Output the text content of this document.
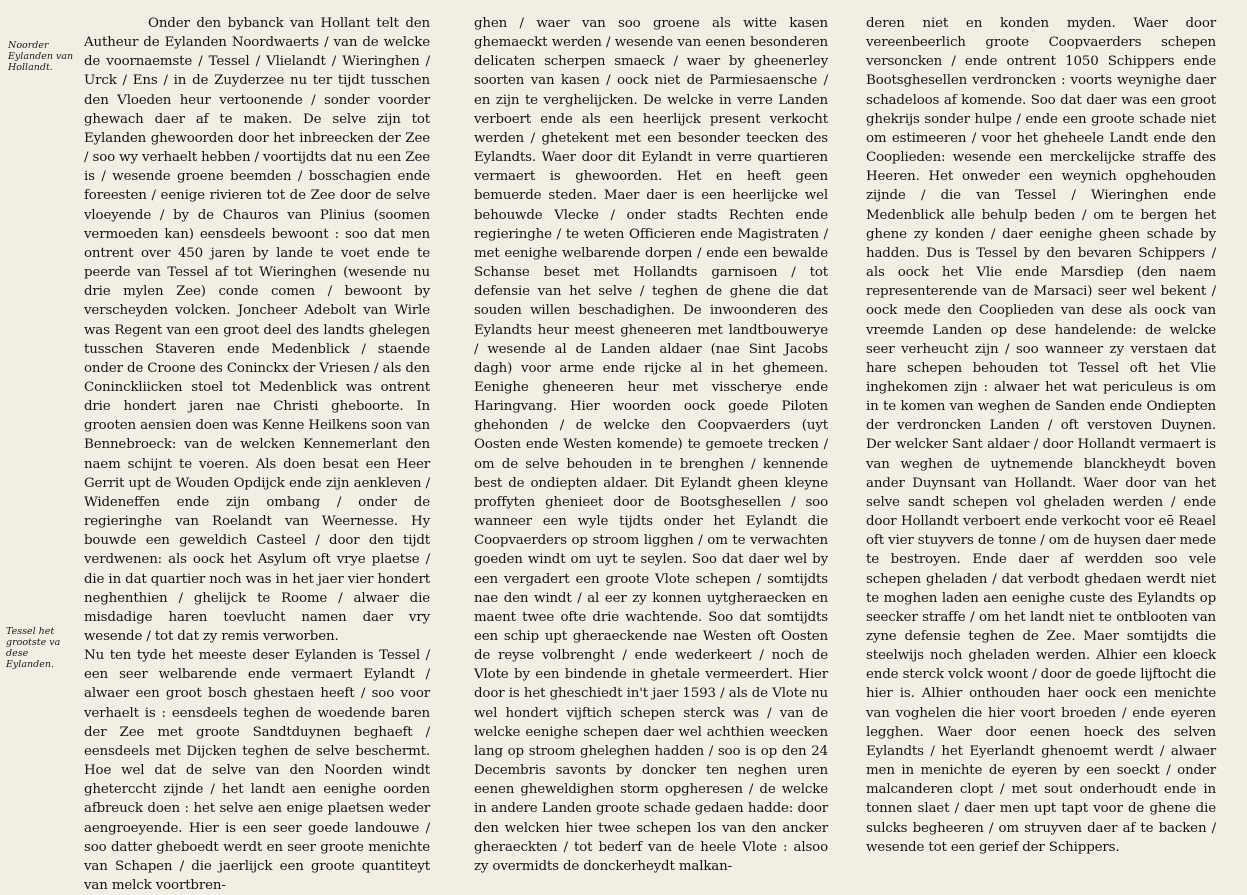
Noorder Eylanden van Hollandt.
Tessel het grootste va dese Eylanden.

Onder den bybanck van Hollant telt den Autheur de Eylanden Noordwaerts / van de welcke de voornaemste / Tessel / Vlielandt / Wieringhen / Urck / Ens / in de Zuyderzee nu ter tijdt tusschen den Vloeden heur vertoonende / sonder voorder ghewach daer af te maken. De selve zijn tot Eylanden ghewoorden door het inbreecken der Zee / soo wy verhaelt hebben / voortijdts dat nu een Zee is / wesende groene beemden / bosschagien ende foreesten / eenige rivieren tot de Zee door de selve vloeyende / by de Chauros van Plinius (soomen vermoeden kan) eensdeels bewoont : soo dat men ontrent over 450 jaren by lande te voet ende te peerde van Tessel af tot Wieringhen (wesende nu drie mylen Zee) conde comen / bewoont by verscheyden volcken. Joncheer Adebolt van Wirle was Regent van een groot deel des landts ghelegen tusschen Staveren ende Medenblick / staende onder de Croone des Coninckx der Vriesen / als den Coninckliicken stoel tot Medenblick was ontrent drie hondert jaren nae Christi gheboorte. In grooten aensien doen was Kenne Heilkens soon van Bennebroeck: van de welcken Kennemerlant den naem schijnt te voeren. Als doen besat een Heer Gerrit upt de Wouden Opdijck ende zijn aenkleven / Wideneffen ende zijn ombang / onder de regieringhe van Roelandt van Weernesse. Hy bouwde een geweldich Casteel / door den tijdt verdwenen: als oock het Asylum oft vrye plaetse / die in dat quartier noch was in het jaer vier hondert neghenthien / ghelijck te Roome / alwaer die misdadige haren toevlucht namen daer vry wesende / tot dat zy remis verworben.

Nu ten tyde het meeste deser Eylanden is Tessel / een seer welbarende ende vermaert Eylandt / alwaer een groot bosch ghestaen heeft / soo voor verhaelt is : eensdeels teghen de woedende baren der Zee met groote Sandtduynen beghaeft / eensdeels met Dijcken teghen de selve beschermt. Hoe wel dat de selve van den Noorden windt gheterccht zijnde / het landt aen eenighe oorden afbreuck doen : het selve aen enige plaetsen weder aengroeyende. Hier is een seer goede landouwe / soo datter gheboedt werdt en seer groote menichte van Schapen / die jaerlijck een groote quantiteyt van melck voortbren-

ghen / waer van soo groene als witte kasen ghemaeckt werden / wesende van eenen besonderen delicaten scherpen smaeck / waer by gheenerley soorten van kasen / oock niet de Parmiesaensche / en zijn te verghelijcken. De welcke in verre Landen verboert ende als een heerlijck present verkocht werden / ghetekent met een besonder teecken des Eylandts. Waer door dit Eylandt in verre quartieren vermaert is ghewoorden. Het en heeft geen bemuerde steden. Maer daer is een heerlijcke wel behouwde Vlecke / onder stadts Rechten ende regieringhe / te weten Officieren ende Magistraten / met eenighe welbarende dorpen / ende een bewalde Schanse beset met Hollandts garnisoen / tot defensie van het selve / teghen de ghene die dat souden willen beschadighen. De inwoonderen des Eylandts heur meest gheneeren met landtbouwerye / wesende al de Landen aldaer (nae Sint Jacobs dagh) voor arme ende rijcke al in het ghemeen. Eenighe gheneeren heur met visscherye ende Haringvang. Hier woorden oock goede Piloten ghehonden / de welcke den Coopvaerders (uyt Oosten ende Westen komende) te gemoete trecken / om de selve behouden in te brenghen / kennende best de ondiepten aldaer. Dit Eylandt gheen kleyne proffyten ghenieet door de Bootsghesellen / soo wanneer een wyle tijdts onder het Eylandt die Coopvaerders op stroom ligghen / om te verwachten goeden windt om uyt te seylen. Soo dat daer wel by een vergadert een groote Vlote schepen / somtijdts nae den windt / al eer zy konnen uytgheraecken en maent twee ofte drie wachtende. Soo dat somtijdts een schip upt gheraeckende nae Westen oft Oosten de reyse volbrenght / ende wederkeert / noch de Vlote by een bindende in ghetale vermeerdert. Hier door is het gheschiedt in't jaer 1593 / als de Vlote nu wel hondert vijftich schepen sterck was / van de welcke eenighe schepen daer wel achthien weecken lang op stroom gheleghen hadden / soo is op den 24 Decembris savonts by doncker ten neghen uren eenen gheweldighen storm opgheresen / de welcke in andere Landen groote schade gedaen hadde: door den welcken hier twee schepen los van den ancker gheraeckten / tot bederf van de heele Vlote : alsoo zy overmidts de donckerheydt malkan-

deren niet en konden myden. Waer door vereenbeerlich groote Coopvaerders schepen versoncken / ende ontrent 1050 Schippers ende Bootsghesellen verdroncken : voorts weynighe daer schadeloos af komende. Soo dat daer was een groot ghekrijs sonder hulpe / ende een groote schade niet om estimeeren / voor het gheheele Landt ende den Cooplieden: wesende een merckelijcke straffe des Heeren. Het onweder een weynich opghehouden zijnde / die van Tessel / Wieringhen ende Medenblick alle behulp beden / om te bergen het ghene zy konden / daer eenighe gheen schade by hadden. Dus is Tessel by den bevaren Schippers / als oock het Vlie ende Marsdiep (den naem representerende van de Marsaci) seer wel bekent / oock mede den Cooplieden van dese als oock van vreemde Landen op dese handelende: de welcke seer verheucht zijn / soo wanneer zy verstaen dat hare schepen behouden tot Tessel oft het Vlie inghekomen zijn : alwaer het wat periculeus is om in te komen van weghen de Sanden ende Ondiepten der verdroncken Landen / oft verstoven Duynen. Der welcker Sant aldaer / door Hollandt vermaert is van weghen de uytnemende blanckheydt boven ander Duynsant van Hollandt. Waer door van het selve sandt schepen vol gheladen werden / ende door Hollandt verboert ende verkocht voor eē Reael oft vier stuyvers de tonne / om de huysen daer mede te bestroyen. Ende daer af werdden soo vele schepen gheladen / dat verbodt ghedaen werdt niet te moghen laden aen eenighe custe des Eylandts op seecker straffe / om het landt niet te ontblooten van zyne defensie teghen de Zee. Maer somtijdts die steelwijs noch gheladen werden. Alhier een kloeck ende sterck volck woont / door de goede lijftocht die hier is. Alhier onthouden haer oock een menichte van voghelen die hier voort broeden / ende eyeren legghen. Waer door eenen hoeck des selven Eylandts / het Eyerlandt ghenoemt werdt / alwaer men in menichte de eyeren by een soeckt / onder malcanderen clopt / met sout onderhoudt ende in tonnen slaet / daer men upt tapt voor de ghene die sulcks begheeren / om struyven daer af te backen / wesende tot een gerief der Schippers.
